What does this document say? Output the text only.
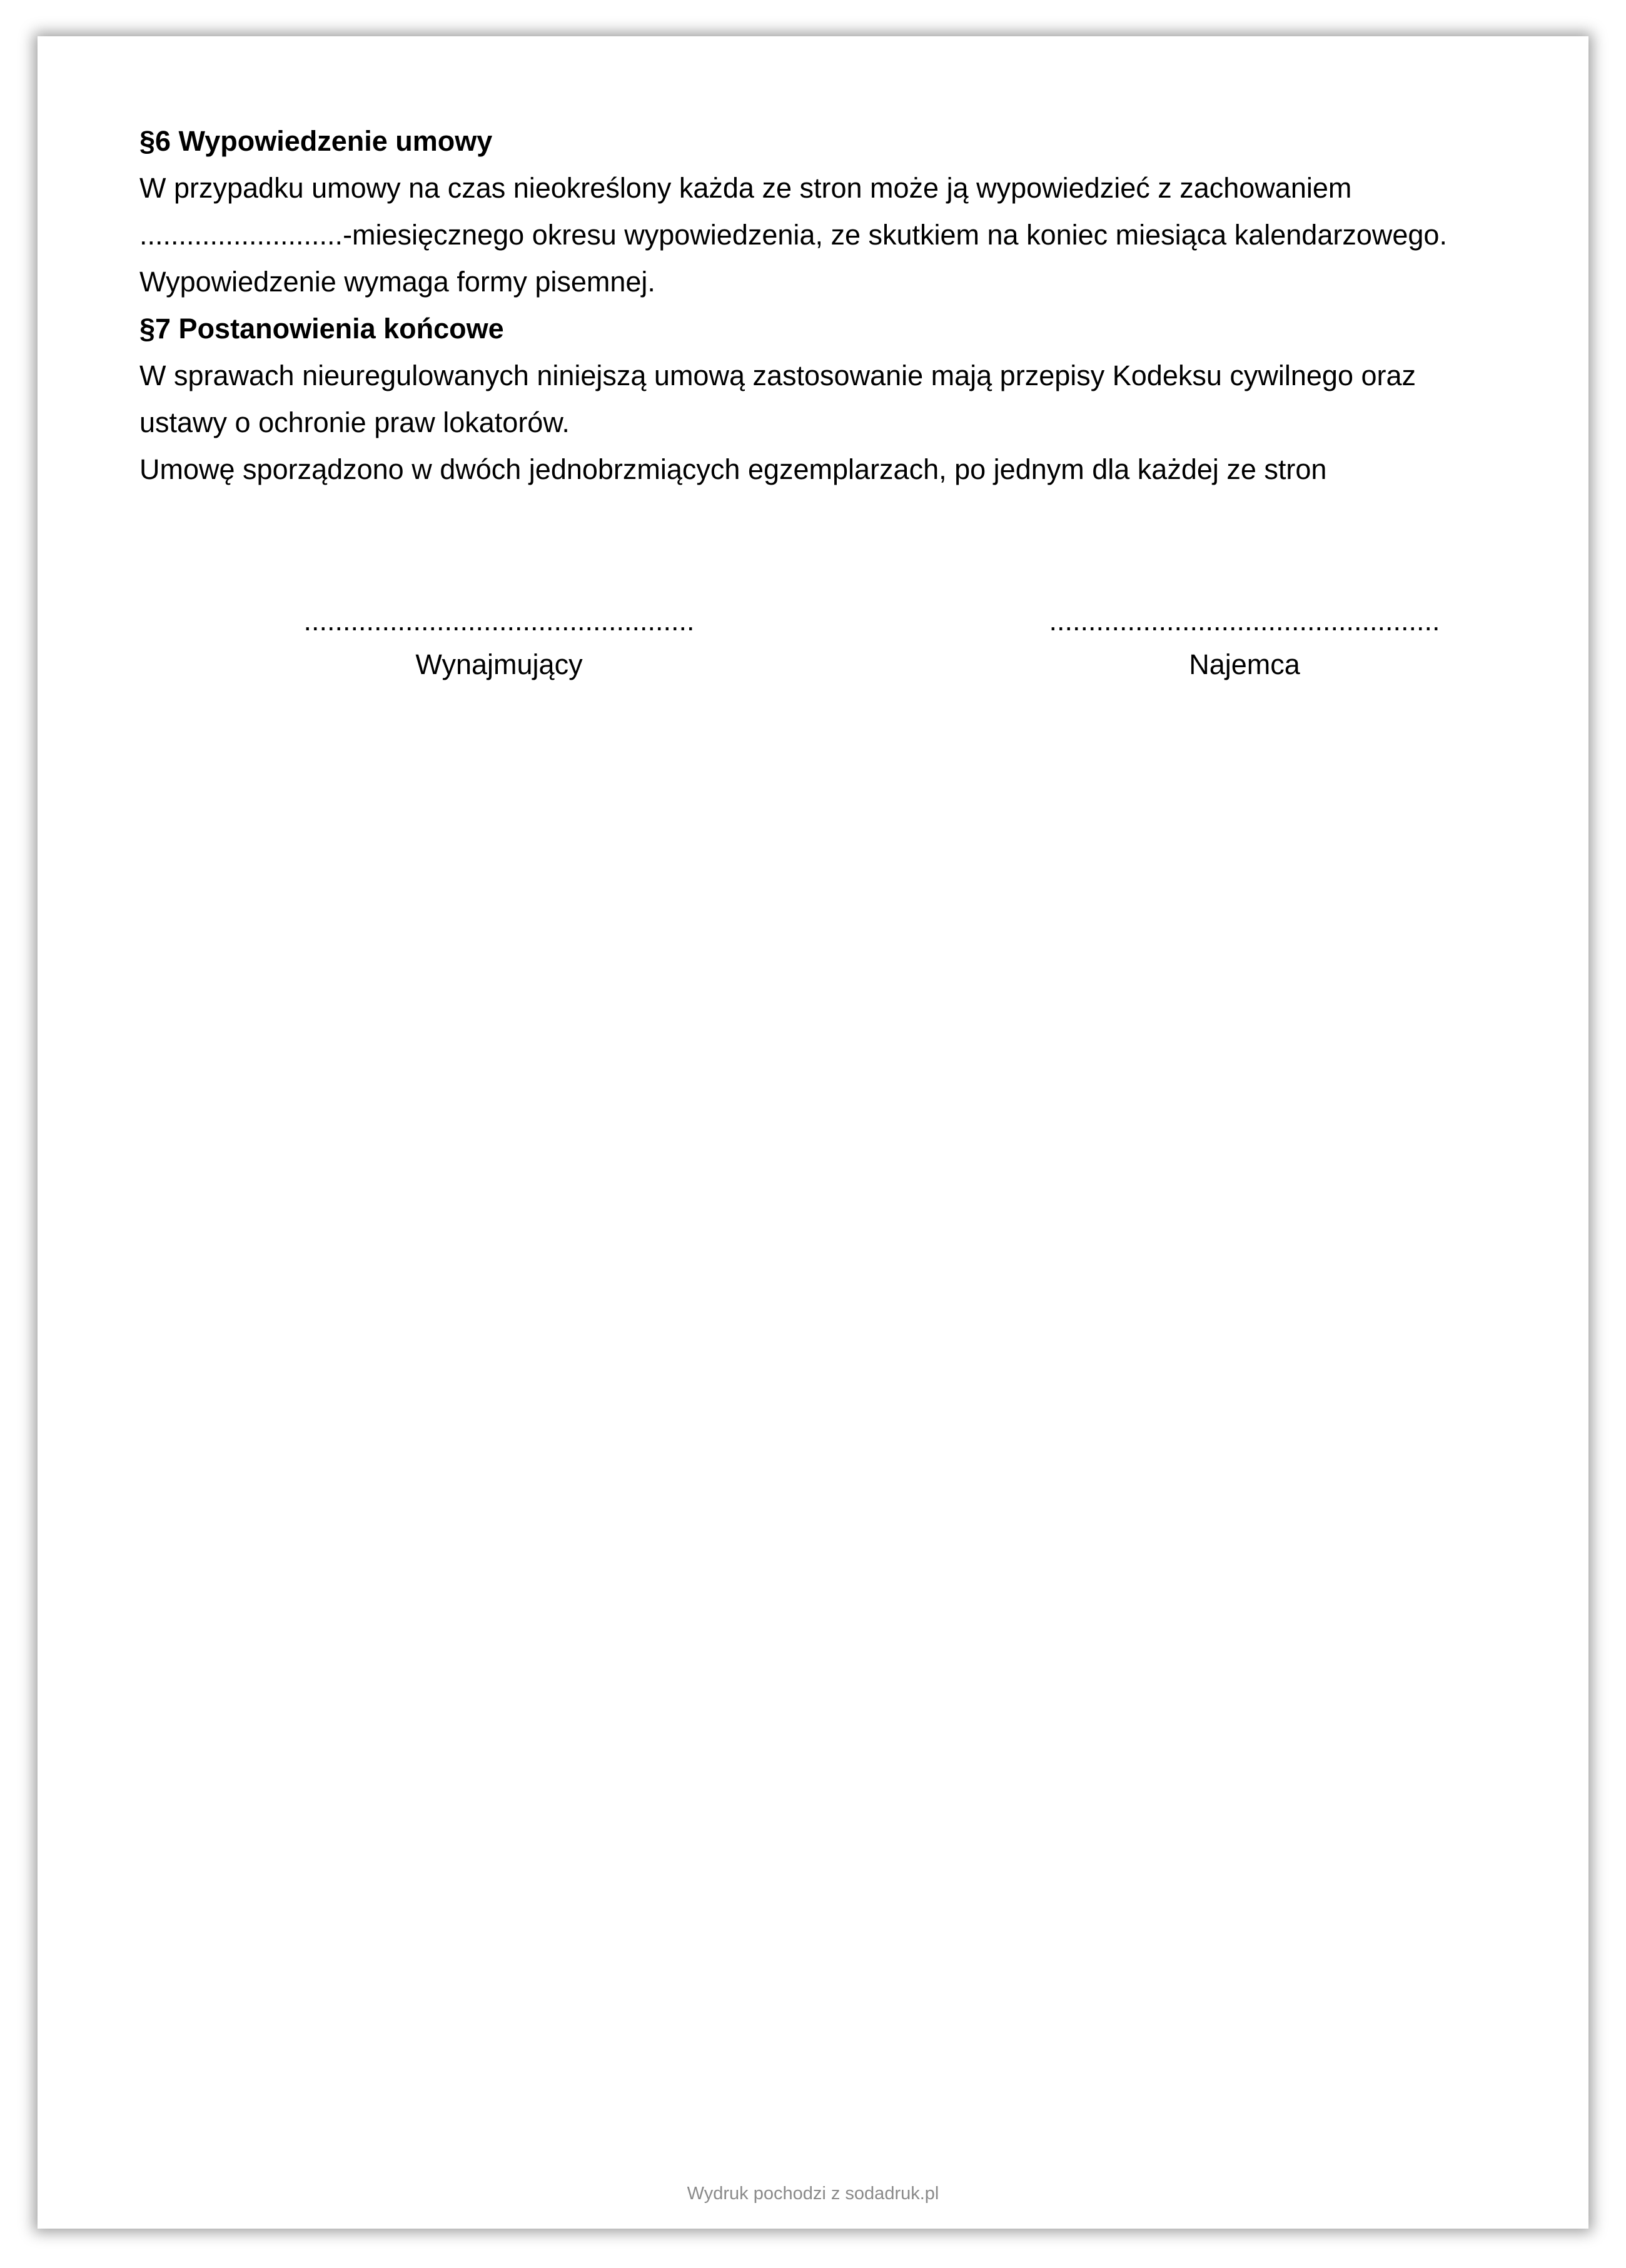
§6 Wypowiedzenie umowy
W przypadku umowy na czas nieokreślony każda ze stron może ją wypowiedzieć z zachowaniem
..........................-miesięcznego okresu wypowiedzenia, ze skutkiem na koniec miesiąca kalendarzowego.
Wypowiedzenie wymaga formy pisemnej.
§7 Postanowienia końcowe
W sprawach nieuregulowanych niniejszą umową zastosowanie mają przepisy Kodeksu cywilnego oraz
ustawy o ochronie praw lokatorów.
Umowę sporządzono w dwóch jednobrzmiących egzemplarzach, po jednym dla każdej ze stron
..................................................
Wynajmujący
..................................................
Najemca
Wydruk pochodzi z sodadruk.pl
